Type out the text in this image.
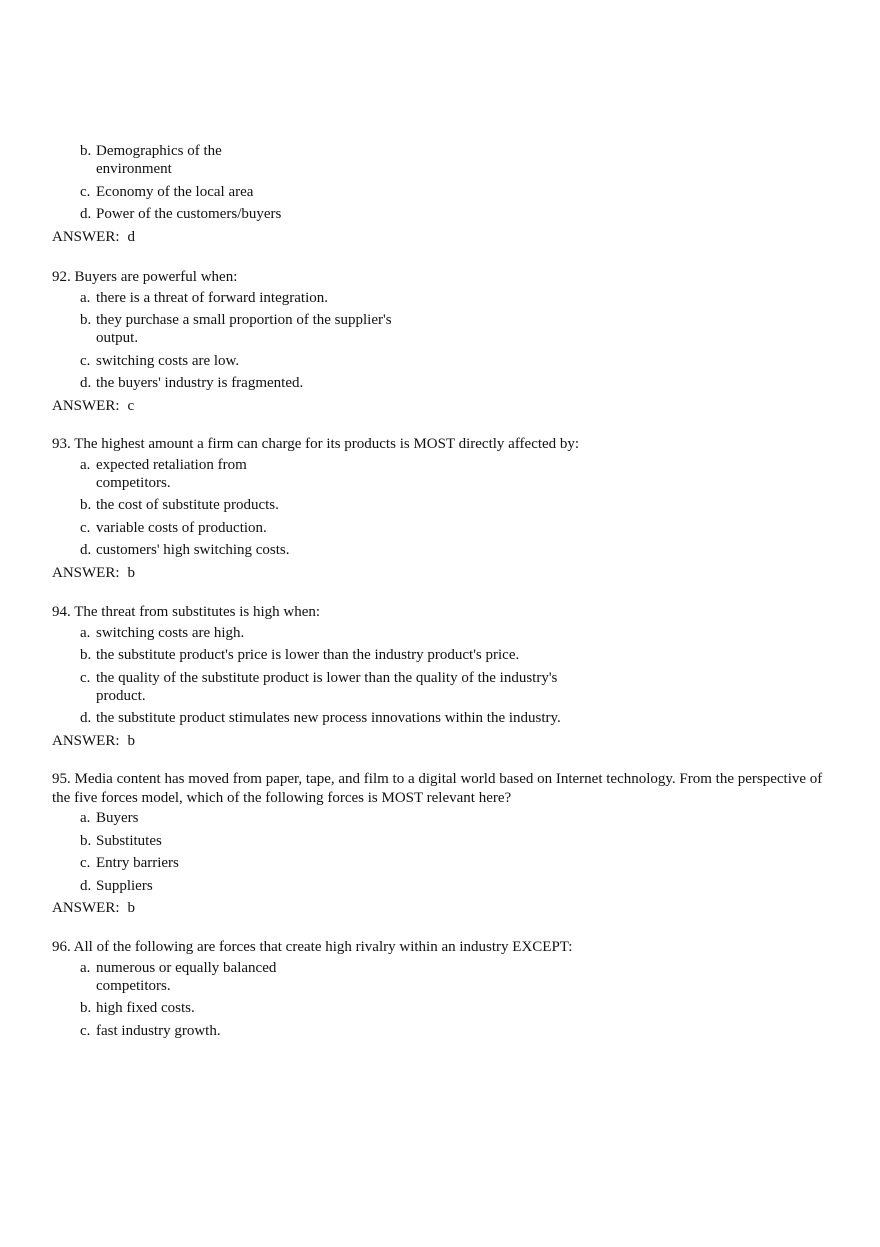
b. Demographics of the
environment
c. Economy of the local area
d. Power of the customers/buyers
ANSWER: d
92. Buyers are powerful when:
a. there is a threat of forward integration.
b. they purchase a small proportion of the supplier's
output.
c. switching costs are low.
d. the buyers' industry is fragmented.
ANSWER: c
93. The highest amount a firm can charge for its products is MOST directly affected by:
a. expected retaliation from
competitors.
b. the cost of substitute products.
c. variable costs of production.
d. customers' high switching costs.
ANSWER: b
94. The threat from substitutes is high when:
a. switching costs are high.
b. the substitute product's price is lower than the industry product's price.
c. the quality of the substitute product is lower than the quality of the industry's
product.
d. the substitute product stimulates new process innovations within the industry.
ANSWER: b
95. Media content has moved from paper, tape, and film to a digital world based on Internet technology. From the perspective of the five forces model, which of the following forces is MOST relevant here?
a. Buyers
b. Substitutes
c. Entry barriers
d. Suppliers
ANSWER: b
96. All of the following are forces that create high rivalry within an industry EXCEPT:
a. numerous or equally balanced
competitors.
b. high fixed costs.
c. fast industry growth.
